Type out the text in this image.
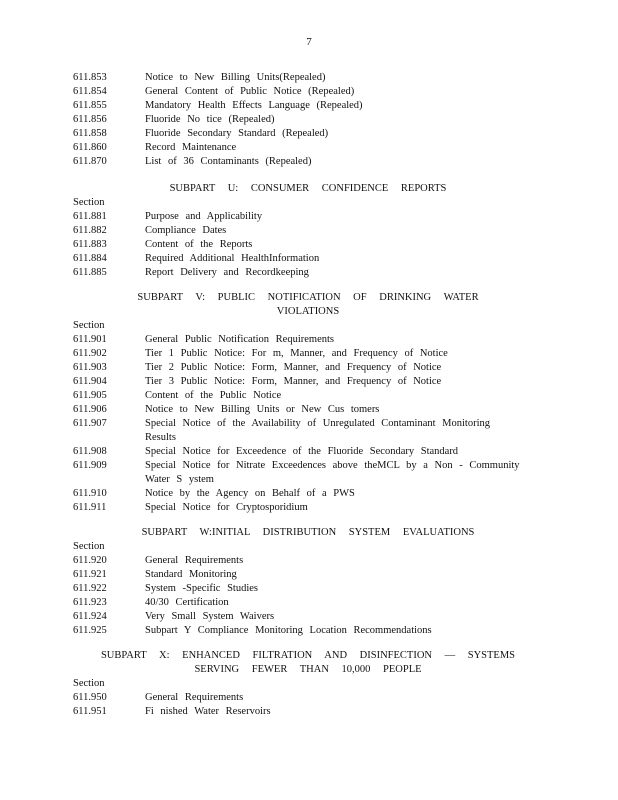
7
611.853	Notice to New Billing Units(Repealed)
611.854	General Content of Public Notice (Repealed)
611.855	Mandatory Health Effects Language (Repealed)
611.856	Fluoride No tice (Repealed)
611.858	Fluoride Secondary Standard (Repealed)
611.860	Record Maintenance
611.870	List of 36 Contaminants (Repealed)
SUBPART U: CONSUMER CONFIDENCE REPORTS
Section
611.881	Purpose and Applicability
611.882	Compliance Dates
611.883	Content of the Reports
611.884	Required Additional HealthInformation
611.885	Report Delivery and Recordkeeping
SUBPART V: PUBLIC NOTIFICATION OF DRINKING WATER
VIOLATIONS
Section
611.901	General Public Notification Requirements
611.902	Tier 1 Public Notice: For m, Manner, and Frequency of Notice
611.903	Tier 2 Public Notice: Form, Manner, and Frequency of Notice
611.904	Tier 3 Public Notice: Form, Manner, and Frequency of Notice
611.905	Content of the Public Notice
611.906	Notice to New Billing Units or New Cus tomers
611.907	Special Notice of the Availability of Unregulated Contaminant Monitoring
Results
611.908	Special Notice for Exceedence of the Fluoride Secondary Standard
611.909	Special Notice for Nitrate Exceedences above theMCL by a Non - Community
Water S ystem
611.910	Notice by the Agency on Behalf of a PWS
611.911	Special Notice for Cryptosporidium
SUBPART W:INITIAL DISTRIBUTION SYSTEM EVALUATIONS
Section
611.920	General Requirements
611.921	Standard Monitoring
611.922	System -Specific Studies
611.923	40/30 Certification
611.924	Very Small System Waivers
611.925	Subpart Y Compliance Monitoring Location Recommendations
SUBPART X: ENHANCED FILTRATION AND DISINFECTION — SYSTEMS
SERVING FEWER THAN 10,000 PEOPLE
Section
611.950	General Requirements
611.951	Fi nished Water Reservoirs
